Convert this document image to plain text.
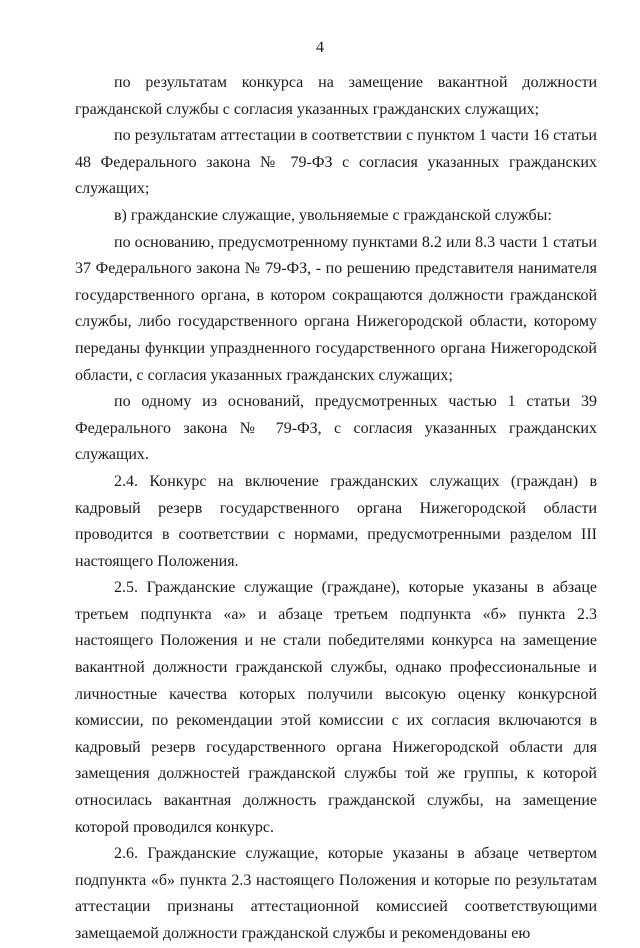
4

по результатам конкурса на замещение вакантной должности гражданской службы с согласия указанных гражданских служащих;

по результатам аттестации в соответствии с пунктом 1 части 16 статьи 48 Федерального закона № 79-ФЗ с согласия указанных гражданских служащих;

в) гражданские служащие, увольняемые с гражданской службы:

по основанию, предусмотренному пунктами 8.2 или 8.3 части 1 статьи 37 Федерального закона № 79-ФЗ, - по решению представителя нанимателя государственного органа, в котором сокращаются должности гражданской службы, либо государственного органа Нижегородской области, которому переданы функции упраздненного государственного органа Нижегородской области, с согласия указанных гражданских служащих;

по одному из оснований, предусмотренных частью 1 статьи 39 Федерального закона № 79-ФЗ, с согласия указанных гражданских служащих.

2.4. Конкурс на включение гражданских служащих (граждан) в кадровый резерв государственного органа Нижегородской области проводится в соответствии с нормами, предусмотренными разделом III настоящего Положения.

2.5. Гражданские служащие (граждане), которые указаны в абзаце третьем подпункта «а» и абзаце третьем подпункта «б» пункта 2.3 настоящего Положения и не стали победителями конкурса на замещение вакантной должности гражданской службы, однако профессиональные и личностные качества которых получили высокую оценку конкурсной комиссии, по рекомендации этой комиссии с их согласия включаются в кадровый резерв государственного органа Нижегородской области для замещения должностей гражданской службы той же группы, к которой относилась вакантная должность гражданской службы, на замещение которой проводился конкурс.

2.6. Гражданские служащие, которые указаны в абзаце четвертом подпункта «б» пункта 2.3 настоящего Положения и которые по результатам аттестации признаны аттестационной комиссией соответствующими замещаемой должности гражданской службы и рекомендованы ею
